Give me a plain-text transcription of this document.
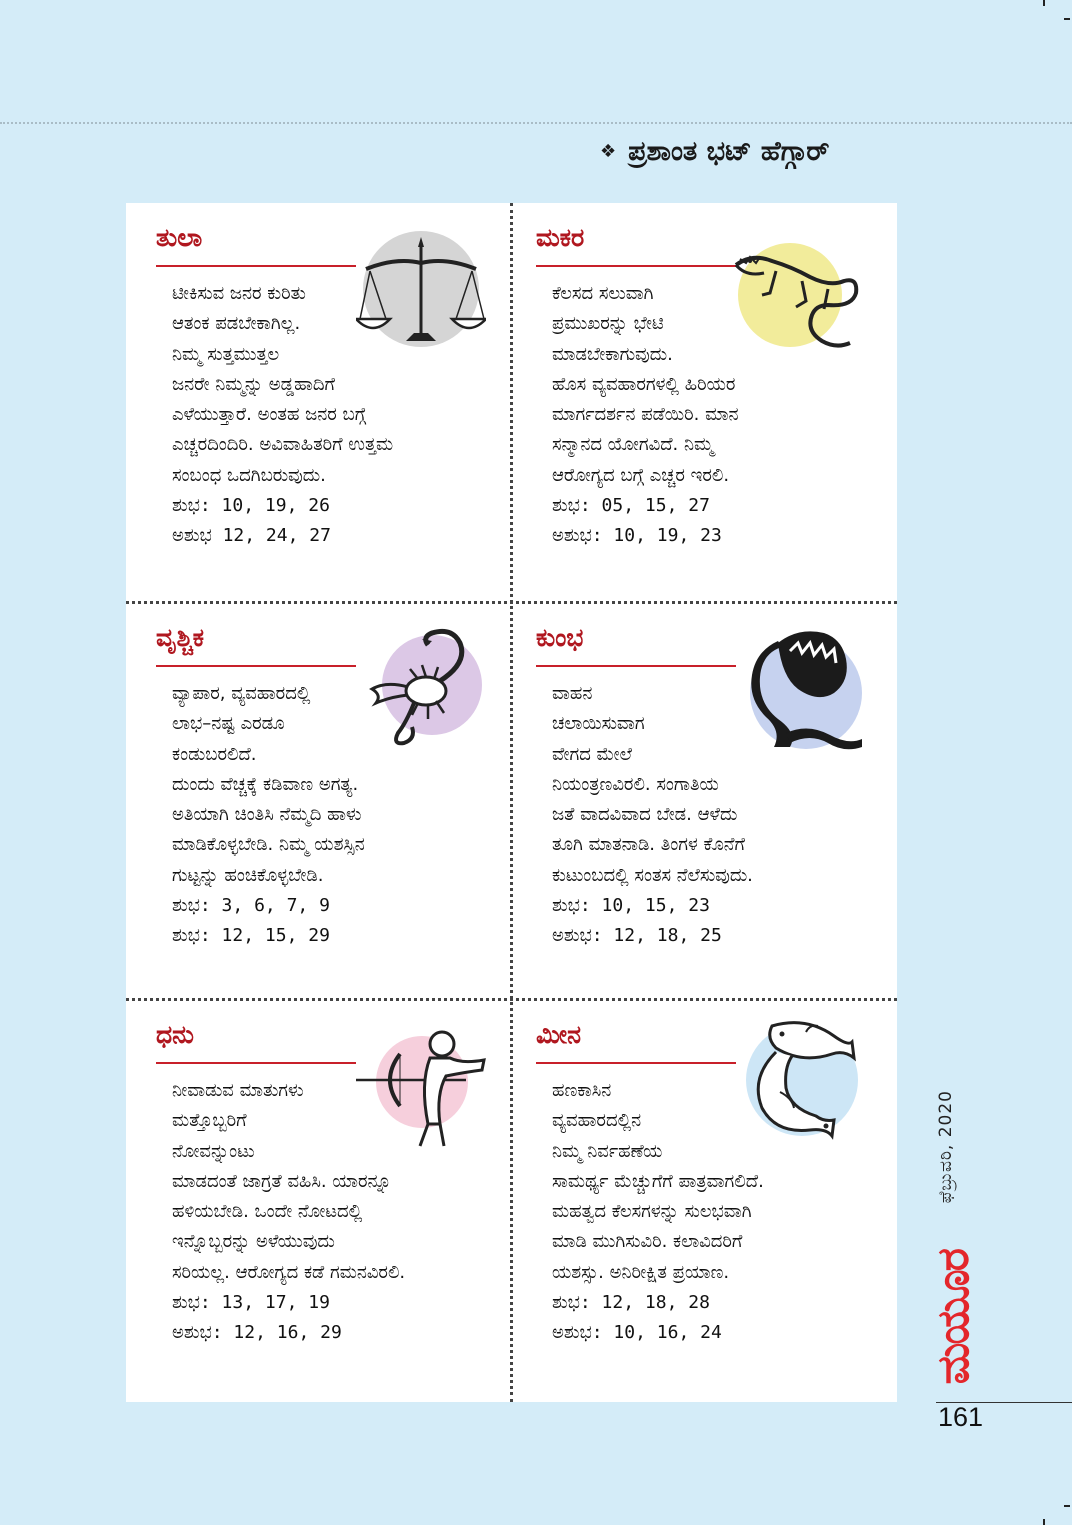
❖ ಪ್ರಶಾಂತ ಭಟ್ ಹೆಗ್ಗಾರ್
ತುಲಾ
ಟೀಕಿಸುವ ಜನರ ಕುರಿತು
ಆತಂಕ ಪಡಬೇಕಾಗಿಲ್ಲ.
ನಿಮ್ಮ ಸುತ್ತಮುತ್ತಲ
ಜನರೇ ನಿಮ್ಮನ್ನು ಅಡ್ಡಹಾದಿಗೆ
ಎಳೆಯುತ್ತಾರೆ. ಅಂತಹ ಜನರ ಬಗ್ಗೆ
ಎಚ್ಚರದಿಂದಿರಿ. ಅವಿವಾಹಿತರಿಗೆ ಉತ್ತಮ
ಸಂಬಂಧ ಒದಗಿಬರುವುದು.
ಶುಭ: 10, 19, 26
ಅಶುಭ 12, 24, 27
ಮಕರ
ಕೆಲಸದ ಸಲುವಾಗಿ
ಪ್ರಮುಖರನ್ನು ಭೇಟಿ
ಮಾಡಬೇಕಾಗುವುದು.
ಹೊಸ ವ್ಯವಹಾರಗಳಲ್ಲಿ ಹಿರಿಯರ
ಮಾರ್ಗದರ್ಶನ ಪಡೆಯಿರಿ. ಮಾನ
ಸನ್ಮಾನದ ಯೋಗವಿದೆ. ನಿಮ್ಮ
ಆರೋಗ್ಯದ ಬಗ್ಗೆ ಎಚ್ಚರ ಇರಲಿ.
ಶುಭ: 05, 15, 27
ಅಶುಭ: 10, 19, 23
ವೃಶ್ಚಿಕ
ವ್ಯಾಪಾರ, ವ್ಯವಹಾರದಲ್ಲಿ
ಲಾಭ–ನಷ್ಟ ಎರಡೂ
ಕಂಡುಬರಲಿದೆ.
ದುಂದು ವೆಚ್ಚಕ್ಕೆ ಕಡಿವಾಣ ಅಗತ್ಯ.
ಅತಿಯಾಗಿ ಚಿಂತಿಸಿ ನೆಮ್ಮದಿ ಹಾಳು
ಮಾಡಿಕೊಳ್ಳಬೇಡಿ. ನಿಮ್ಮ ಯಶಸ್ಸಿನ
ಗುಟ್ಟನ್ನು ಹಂಚಿಕೊಳ್ಳಬೇಡಿ.
ಶುಭ: 3, 6, 7, 9
ಶುಭ: 12, 15, 29
ಕುಂಭ
ವಾಹನ
ಚಲಾಯಿಸುವಾಗ
ವೇಗದ ಮೇಲೆ
ನಿಯಂತ್ರಣವಿರಲಿ. ಸಂಗಾತಿಯ
ಜತೆ ವಾದವಿವಾದ ಬೇಡ. ಆಳೆದು
ತೂಗಿ ಮಾತನಾಡಿ. ತಿಂಗಳ ಕೊನೆಗೆ
ಕುಟುಂಬದಲ್ಲಿ ಸಂತಸ ನೆಲೆಸುವುದು.
ಶುಭ: 10, 15, 23
ಅಶುಭ: 12, 18, 25
ಧನು
ನೀವಾಡುವ ಮಾತುಗಳು
ಮತ್ತೊಬ್ಬರಿಗೆ
ನೋವನ್ನುಂಟು
ಮಾಡದಂತೆ ಜಾಗ್ರತೆ ವಹಿಸಿ. ಯಾರನ್ನೂ
ಹಳಿಯಬೇಡಿ. ಒಂದೇ ನೋಟದಲ್ಲಿ
ಇನ್ನೊಬ್ಬರನ್ನು ಅಳೆಯುವುದು
ಸರಿಯಲ್ಲ. ಆರೋಗ್ಯದ ಕಡೆ ಗಮನವಿರಲಿ.
ಶುಭ: 13, 17, 19
ಅಶುಭ: 12, 16, 29
ಮೀನ
ಹಣಕಾಸಿನ
ವ್ಯವಹಾರದಲ್ಲಿನ
ನಿಮ್ಮ ನಿರ್ವಹಣೆಯ
ಸಾಮರ್ಥ್ಯ ಮೆಚ್ಚುಗೆಗೆ ಪಾತ್ರವಾಗಲಿದೆ.
ಮಹತ್ವದ ಕೆಲಸಗಳನ್ನು ಸುಲಭವಾಗಿ
ಮಾಡಿ ಮುಗಿಸುವಿರಿ. ಕಲಾವಿದರಿಗೆ
ಯಶಸ್ಸು. ಅನಿರೀಕ್ಷಿತ ಪ್ರಯಾಣ.
ಶುಭ: 12, 18, 28
ಅಶುಭ: 10, 16, 24
ಫೆಬ್ರುವರಿ, 2020
ಮಯೂರ
161
